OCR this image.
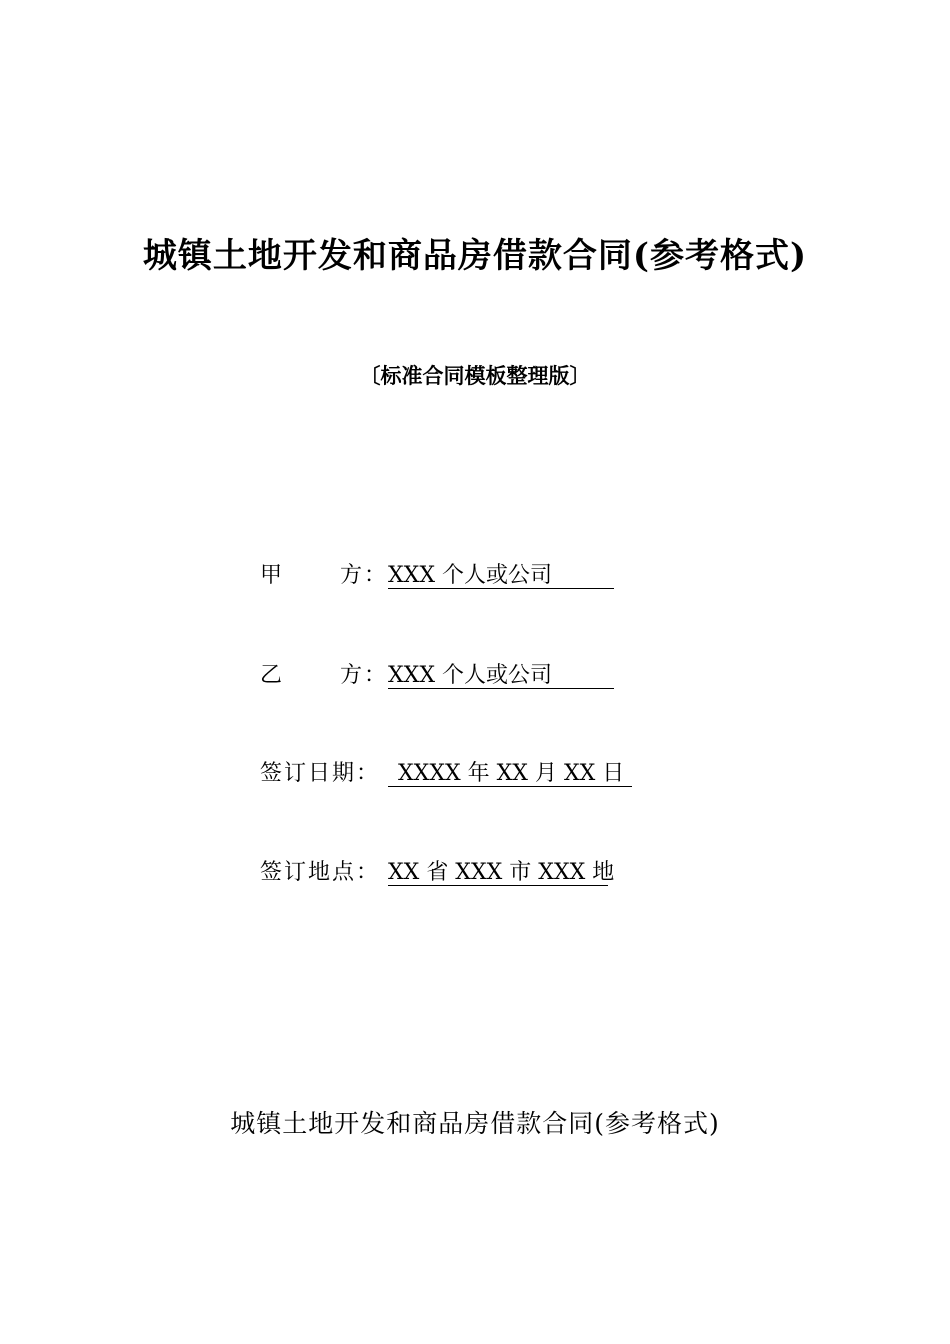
城镇土地开发和商品房借款合同(参考格式)
〔标准合同模板整理版〕
甲	方： XXX 个人或公司
乙	方： XXX 个人或公司
签订日期： XXXX 年 XX 月 XX 日
签订地点： XX 省 XXX 市 XXX 地
城镇土地开发和商品房借款合同(参考格式)
